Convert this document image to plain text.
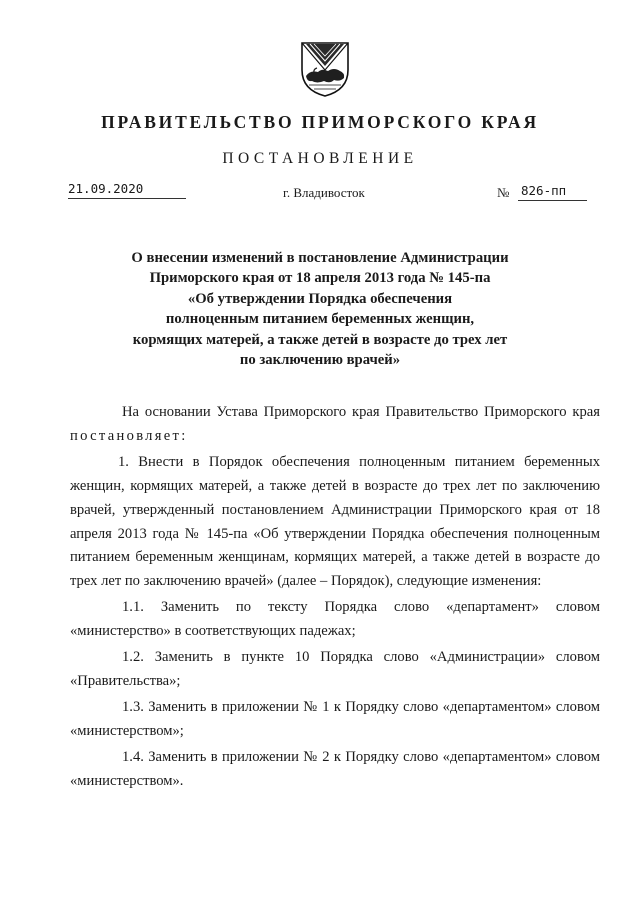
ПРАВИТЕЛЬСТВО ПРИМОРСКОГО КРАЯ
ПОСТАНОВЛЕНИЕ
21.09.2020	г. Владивосток	№ 826-пп
О внесении изменений в постановление Администрации
Приморского края от 18 апреля 2013 года № 145-па
«Об утверждении Порядка обеспечения
полноценным питанием беременных женщин,
кормящих матерей, а также детей в возрасте до трех лет
по заключению врачей»

На основании Устава Приморского края Правительство Приморского края постановляет:

1. Внести в Порядок обеспечения полноценным питанием беременных женщин, кормящих матерей, а также детей в возрасте до трех лет по заключению врачей, утвержденный постановлением Администрации Приморского края от 18 апреля 2013 года № 145-па «Об утверждении Порядка обеспечения полноценным питанием беременным женщинам, кормящих матерей, а также детей в возрасте до трех лет по заключению врачей» (далее – Порядок), следующие изменения:

1.1. Заменить по тексту Порядка слово «департамент» словом «министерство» в соответствующих падежах;

1.2. Заменить в пункте 10 Порядка слово «Администрации» словом «Правительства»;

1.3. Заменить в приложении № 1 к Порядку слово «департаментом» словом «министерством»;

1.4. Заменить в приложении № 2 к Порядку слово «департаментом» словом «министерством».
